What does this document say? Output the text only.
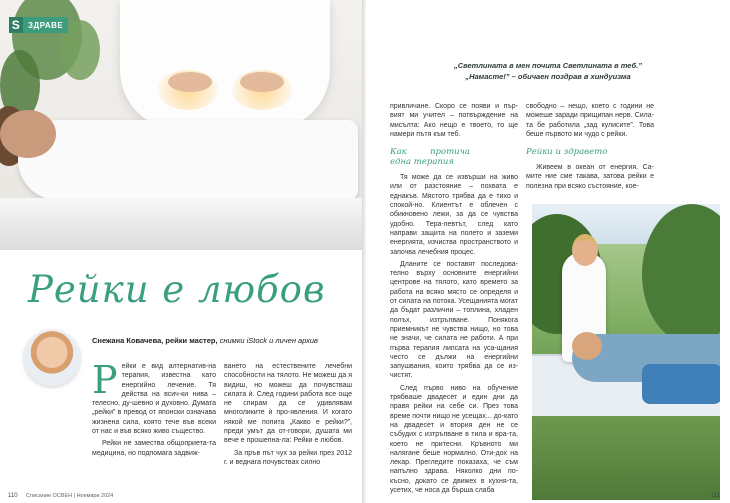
S ЗДРАВЕ
Рейки е любов
Снежана Ковачева, рейки мастер, снимки iStock и личен архив

Рейки е вид алтернатив-на терапия, известна като енергийно лечение. Тя действа на всич-ки нива – телесно, ду-шевно и духовно. Думата „рейки” в превод от японски означава жизнена сила, която тече във всеки от нас и във всяко живо същество.

Рейки не замества общоприета-та медицина, но подпомага задвиж-

ването на естествените лечебни способности на тялото. Не можеш да я видиш, но можеш да почувстваш силата ѝ. След години работа все още не спирам да се удивлявам многоликите ѝ про-явления. И когато някой ме попита „Какво е рейки?”, преди умът да от-говори, душата ми вече е прошепна-ла: Рейки е любов.

За пръв път чух за рейки през 2012 г. и веднага почувствах силно

110 Списание ОСВЕН | Ноември 2024
„Светлината в мен почита Светлината в теб.”
„Намасте!” – обичаен поздрав в хиндуизма

привличане. Скоро се появи и пър-вият ми учител – потвърждение на мисълта: Ако нещо е твоето, то ще намери пътя към теб.

Как протича една терапия

Тя може да се извърши на живо или от разстояние – похвата е еднакъв. Мястото трябва да е тихо и спокой-но. Клиентът е облечен с обикновено лежи, за да се чувства удобно. Тера-певтът, след като направи защита на полето и заземи енергията, изчиства пространството и започва лечебния процес.

Дланите се поставят последова-телно върху основните енергийни центрове на тялото, като времето за работа на всяко място се определя и от силата на потока. Усещанията могат да бъдат различни – топлина, хладен полъх, изтръпване. Понякога приемникът не чувства нищо, но това не значи, че силата не работи. А при първа терапия липсата на уса-щания често се дължи на енергийни запушвания, които трябва да се из-чистят.

След първо ниво на обучение трябваше двадесет и един дни да правя рейки на себе си. През това време почти нищо не усещах... до-като на двадесет и втория ден не се събудих с изтръпване в тила и вра-та, което не притесни. Кръвното ми налягане беше нормално. Оти-дох на лекар. Прегледите показаха, че съм напълно здрава. Няколко дни по-късно, докато се движех в кухня-та, усетих, че носа да бърша слаба

свободно – нещо, което с години не можеше заради прищипан нерв. Сила-та бе работила „зад кулисите”. Това беше първото ми чудо с рейки.

Рейки и здравето

Живеем в океан от енергия. Са-мите ние сме такава, затова рейки е полезна при всяко състояние, кое-

111
